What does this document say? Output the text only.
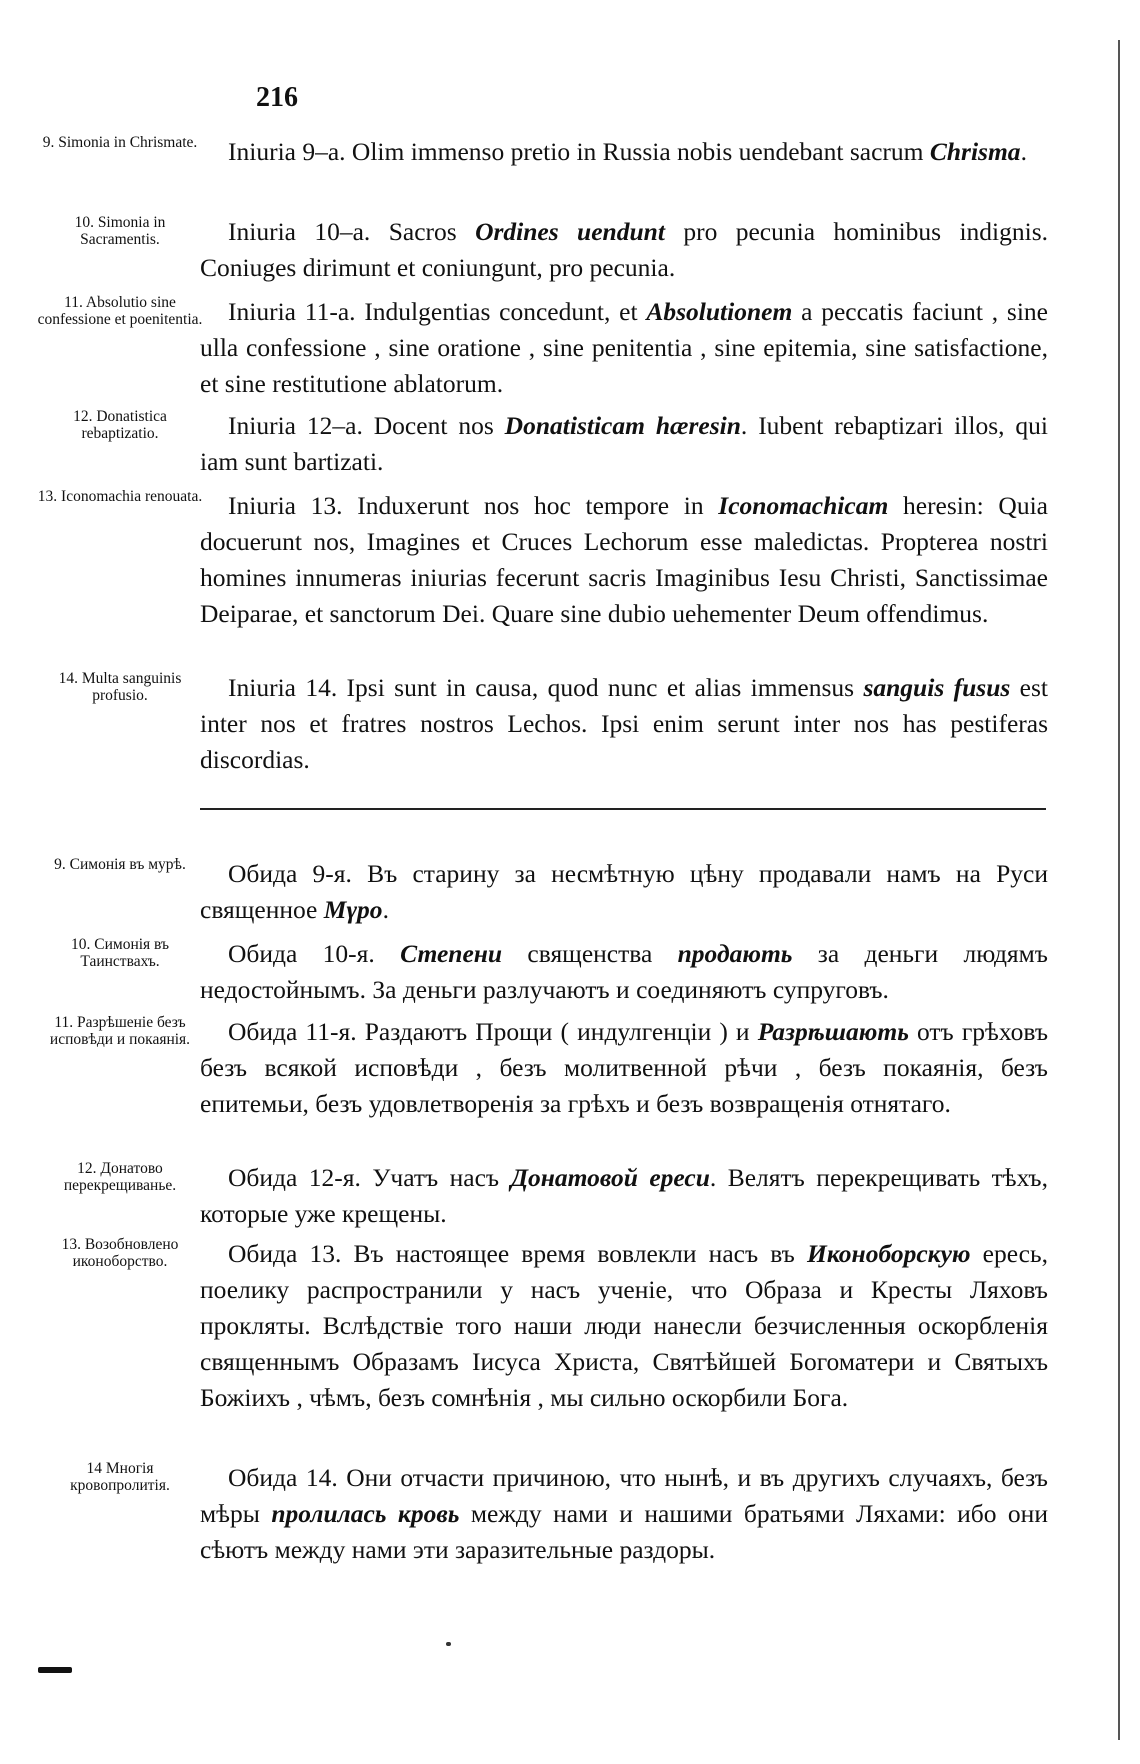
216
9. Simonia in Chrismate.	Iniuria 9–a. Olim immenso pretio in Russia nobis uendebant sacrum Chrisma.
10. Simonia in Sacramentis.	Iniuria 10–a. Sacros Ordines uendunt pro pecunia hominibus indignis. Coniuges dirimunt et coniungunt, pro pecunia.
11. Absolutio sine confessione et poenitentia.	Iniuria 11-a. Indulgentias concedunt, et Absolutionem a peccatis faciunt , sine ulla confessione , sine oratione , sine penitentia , sine epitemia, sine satisfactione, et sine restitutione ablatorum.
12. Donatistica rebaptizatio.	Iniuria 12–a. Docent nos Donatisticam hæresin. Iubent rebaptizari illos, qui iam sunt bartizati.
13. Iconomachia renouata.	Iniuria 13. Induxerunt nos hoc tempore in Iconomachicam heresin: Quia docuerunt nos, Imagines et Cruces Lechorum esse maledictas. Propterea nostri homines innumeras iniurias fecerunt sacris Imaginibus Iesu Christi, Sanctissimae Deiparae, et sanctorum Dei. Quare sine dubio uehementer Deum offendimus.
14. Multa sanguinis profusio.	Iniuria 14. Ipsi sunt in causa, quod nunc et alias immensus sanguis fusus est inter nos et fratres nostros Lechos. Ipsi enim serunt inter nos has pestiferas discordias.
9. Симонія въ мурѣ.	Обида 9-я. Въ старину за несмѣтную цѣну продавали намъ на Руси священное Мγро.
10. Симонія въ Таинствахъ.	Обида 10-я. Степени священства продають за деньги людямъ недостойнымъ. За деньги разлучаютъ и соединяютъ супруговъ.
11. Разрѣшеніе безъ исповѣди и покаянія.	Обида 11-я. Раздаютъ Прощи ( индулгенціи ) и Разрѣшають отъ грѣховъ безъ всякой исповѣди , безъ молитвенной рѣчи , безъ покаянія, безъ епитемьи, безъ удовлетворенія за грѣхъ и безъ возвращенія отнятаго.
12. Донатово перекрещиванье.	Обида 12-я. Учатъ насъ Донатовой ереси. Велятъ перекрещивать тѣхъ, которые уже крещены.
13. Возобновлено иконоборство.	Обида 13. Въ настоящее время вовлекли насъ въ Иконоборскую ересь, поелику распространили у насъ ученіе, что Образа и Кресты Ляховъ прокляты. Вслѣдствіе того наши люди нанесли безчисленныя оскорбленія священнымъ Образамъ Іисуса Христа, Святѣйшей Богоматери и Святыхъ Божіихъ , чѣмъ, безъ сомнѣнія , мы сильно оскорбили Бога.
14 Многія кровопролитія.	Обида 14. Они отчасти причиною, что нынѣ, и въ другихъ случаяхъ, безъ мѣры пролилась кровь между нами и нашими братьями Ляхами: ибо они сѣютъ между нами эти заразительные раздоры.
